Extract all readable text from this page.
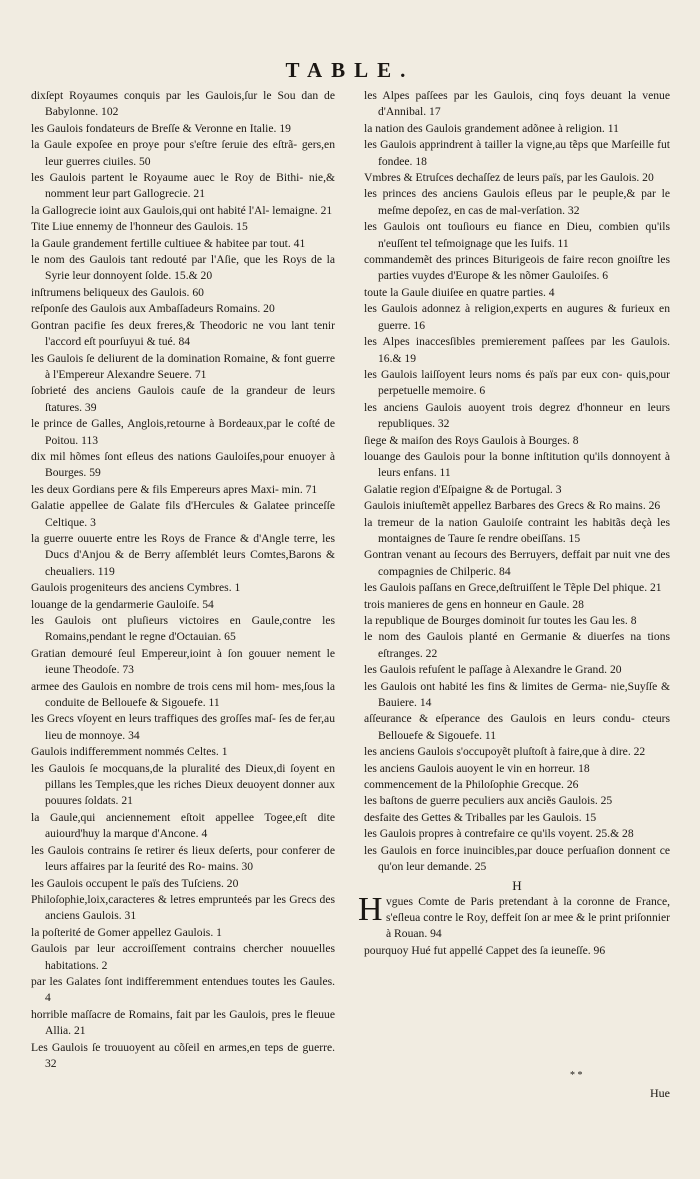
TABLE.

dixſept Royaumes conquis par les Gaulois,ſur le Sou dan de Babylonne. 102

les Gaulois fondateurs de Breſſe & Veronne en Italie. 19

la Gaule expoſee en proye pour s'eſtre ſeruie des eſtrã- gers,en leur guerres ciuiles. 50

les Gaulois partent le Royaume auec le Roy de Bithi- nie,& nomment leur part Gallogrecie. 21

la Gallogrecie ioint aux Gaulois,qui ont habité l'Al- lemaigne. 21

Tite Liue ennemy de l'honneur des Gaulois. 15

la Gaule grandement fertille cultiuee & habitee par tout. 41

le nom des Gaulois tant redouté par l'Aſie, que les Roys de la Syrie leur donnoyent ſolde. 15.& 20

inſtrumens beliqueux des Gaulois. 60

reſponſe des Gaulois aux Ambaſſadeurs Romains. 20

Gontran pacifie ſes deux freres,& Theodoric ne vou lant tenir l'accord eſt pourſuyui & tué. 84

les Gaulois ſe deliurent de la domination Romaine, & font guerre à l'Empereur Alexandre Seuere. 71

ſobrieté des anciens Gaulois cauſe de la grandeur de leurs ſtatures. 39

le prince de Galles, Anglois,retourne à Bordeaux,par le coſté de Poitou. 113

dix mil hõmes ſont eſleus des nations Gauloiſes,pour enuoyer à Bourges. 59

les deux Gordians pere & fils Empereurs apres Maxi- min. 71

Galatie appellee de Galate fils d'Hercules & Galatee princeſſe Celtique. 3

la guerre ouuerte entre les Roys de France & d'Angle terre, les Ducs d'Anjou & de Berry aſſemblét leurs Comtes,Barons & cheualiers. 119

Gaulois progeniteurs des anciens Cymbres. 1

louange de la gendarmerie Gauloiſe. 54

les Gaulois ont pluſieurs victoires en Gaule,contre les Romains,pendant le regne d'Octauian. 65

Gratian demouré ſeul Empereur,ioint à ſon gouuer nement le ieune Theodoſe. 73

armee des Gaulois en nombre de trois cens mil hom- mes,ſous la conduite de Bellouefe & Sigouefe. 11

les Grecs vſoyent en leurs traffiques des groſſes maſ- ſes de fer,au lieu de monnoye. 34

Gaulois indifferemment nommés Celtes. 1

les Gaulois ſe mocquans,de la pluralité des Dieux,di ſoyent en pillans les Temples,que les riches Dieux deuoyent donner aux pouures ſoldats. 21

la Gaule,qui anciennement eſtoit appellee Togee,eſt dite auiourd'huy la marque d'Ancone. 4

les Gaulois contrains ſe retirer és lieux deſerts, pour conferer de leurs affaires par la ſeurité des Ro- mains. 30

les Gaulois occupent le païs des Tuſciens. 20

Philoſophie,loix,caracteres & letres emprunteés par les Grecs des anciens Gaulois. 31

la poſterité de Gomer appellez Gaulois. 1

Gaulois par leur accroiſſement contrains chercher nouuelles habitations. 2

par les Galates ſont indifferemment entendues toutes les Gaules. 4

horrible maſſacre de Romains, fait par les Gaulois, pres le fleuue Allia. 21

Les Gaulois ſe trouuoyent au cõſeil en armes,en teps de guerre. 32

les Alpes paſſees par les Gaulois, cinq foys deuant la venue d'Annibal. 17

la nation des Gaulois grandement adõnee à religion. 11

les Gaulois apprindrent à tailler la vigne,au tẽps que Marſeille fut fondee. 18

Vmbres & Etruſces dechaſſez de leurs païs, par les Gaulois. 20

les princes des anciens Gaulois eſleus par le peuple,& par le meſme depoſez, en cas de mal-verſation. 32

les Gaulois ont touſiours eu fiance en Dieu, combien qu'ils n'euſſent tel teſmoignage que les Iuifs. 11

commandemẽt des princes Biturigeois de faire recon gnoiſtre les parties vuydes d'Europe & les nõmer Gauloiſes. 6

toute la Gaule diuiſee en quatre parties. 4

les Gaulois adonnez à religion,experts en augures & furieux en guerre. 16

les Alpes inaccesſibles premierement paſſees par les Gaulois. 16.& 19

les Gaulois laiſſoyent leurs noms és païs par eux con- quis,pour perpetuelle memoire. 6

les anciens Gaulois auoyent trois degrez d'honneur en leurs republiques. 32

ſiege & maiſon des Roys Gaulois à Bourges. 8

louange des Gaulois pour la bonne inſtitution qu'ils donnoyent à leurs enfans. 11

Galatie region d'Eſpaigne & de Portugal. 3

Gaulois iniuſtemẽt appellez Barbares des Grecs & Ro mains. 26

la tremeur de la nation Gauloiſe contraint les habitãs deçà les montaignes de Taure ſe rendre obeiſſans. 15

Gontran venant au ſecours des Berruyers, deffait par nuit vne des compagnies de Chilperic. 84

les Gaulois paſſans en Grece,deſtruiſſent le Tẽple Del phique. 21

trois manieres de gens en honneur en Gaule. 28

la republique de Bourges dominoit ſur toutes les Gau les. 8

le nom des Gaulois planté en Germanie & diuerſes na tions eſtranges. 22

les Gaulois refuſent le paſſage à Alexandre le Grand. 20

les Gaulois ont habité les fins & limites de Germa- nie,Suyſſe & Bauiere. 14

aſſeurance & eſperance des Gaulois en leurs condu- cteurs Bellouefe & Sigouefe. 11

les anciens Gaulois s'occupoyẽt pluſtoſt à faire,que à dire. 22

les anciens Gaulois auoyent le vin en horreur. 18

commencement de la Philoſophie Grecque. 26

les baſtons de guerre peculiers aux anciẽs Gaulois. 25

desfaite des Gettes & Triballes par les Gaulois. 15

les Gaulois propres à contrefaire ce qu'ils voyent. 25.& 28

les Gaulois en force inuincibles,par douce perſuaſion donnent ce qu'on leur demande. 25

H

H vgues Comte de Paris pretendant à la coronne de France, s'eſleua contre le Roy, deffeit ſon ar mee & le print priſonnier à Rouan. 94

pourquoy Hué fut appellé Cappet des ſa ieuneſſe. 96

* *
Hue
